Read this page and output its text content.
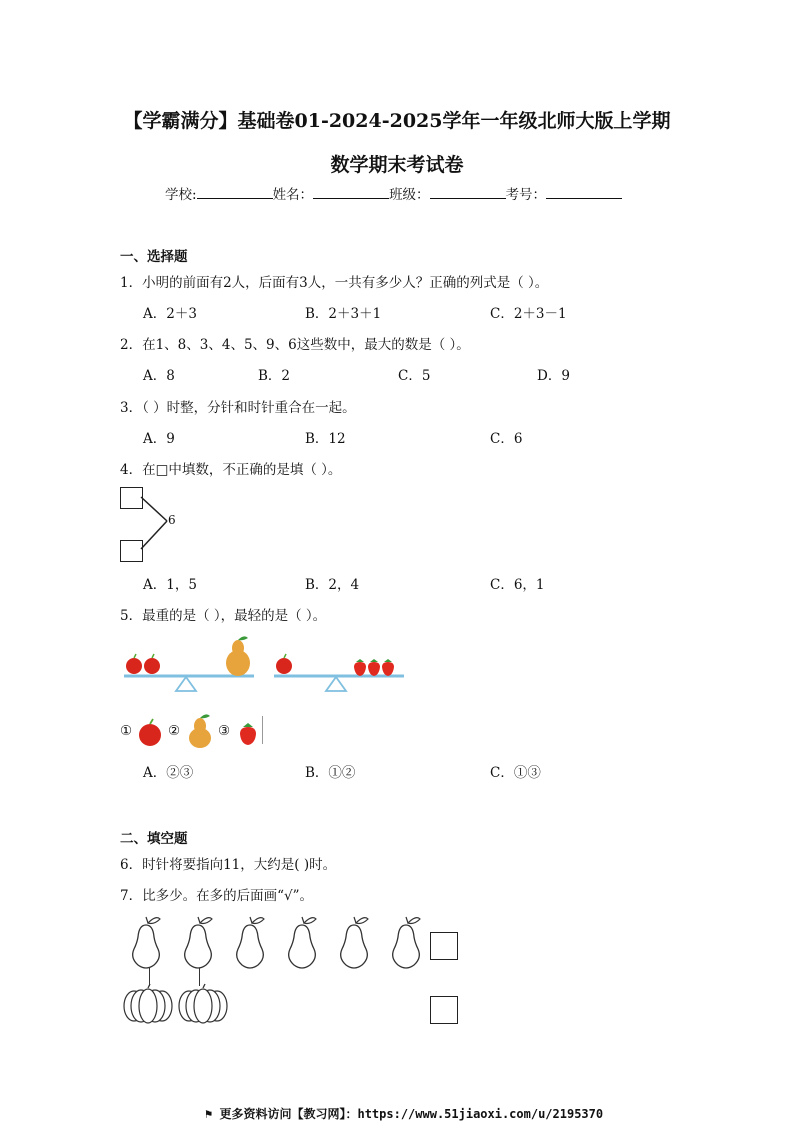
【学霸满分】基础卷01-2024-2025学年一年级北师大版上学期
数学期末考试卷
学校:	姓名：	班级：	考号：
一、选择题
1．小明的前面有2人，后面有3人，一共有多少人？正确的列式是（ ）。
A．2＋3	B．2＋3＋1	C．2＋3－1
2．在1、8、3、4、5、9、6这些数中，最大的数是（ ）。
A．8	B．2	C．5	D．9
3．（ ）时整，分针和时针重合在一起。
A．9	B．12	C．6
4．在□中填数，不正确的是填（ ）。
6
A．1，5	B．2，4	C．6，1
5．最重的是（ ），最轻的是（ ）。
①	②	③
A．②③	B．①②	C．①③
二、填空题
6．时针将要指向11，大约是( )时。
7．比多少。在多的后面画“√”。
⚑ 更多资料访问【教习网】：https://www.51jiaoxi.com/u/2195370
